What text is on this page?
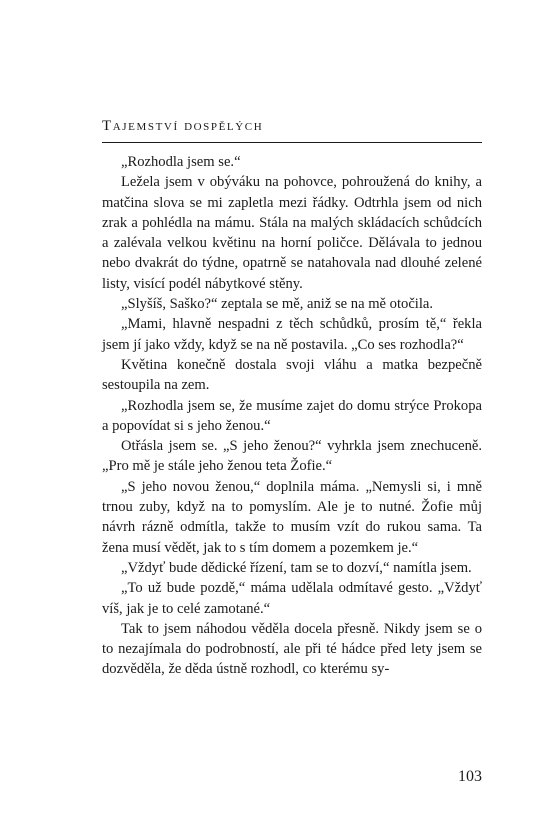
Tajemství dospělých

„Rozhodla jsem se.“

Ležela jsem v obýváku na pohovce, pohroužená do knihy, a matčina slova se mi zapletla mezi řádky. Odtrhla jsem od nich zrak a pohlédla na mámu. Stála na malých skládacích schůdcích a zalévala velkou květinu na horní poličce. Dělávala to jednou nebo dvakrát do týdne, opatrně se natahovala nad dlouhé zelené listy, visící podél nábytkové stěny.

„Slyšíš, Saško?“ zeptala se mě, aniž se na mě otočila.

„Mami, hlavně nespadni z těch schůdků, prosím tě,“ řekla jsem jí jako vždy, když se na ně postavila. „Co ses rozhodla?“

Květina konečně dostala svoji vláhu a matka bezpečně sestoupila na zem.

„Rozhodla jsem se, že musíme zajet do domu strýce Prokopa a popovídat si s jeho ženou.“

Otřásla jsem se. „S jeho ženou?“ vyhrkla jsem znechuceně. „Pro mě je stále jeho ženou teta Žofie.“

„S jeho novou ženou,“ doplnila máma. „Nemysli si, i mně trnou zuby, když na to pomyslím. Ale je to nutné. Žofie můj návrh rázně odmítla, takže to musím vzít do rukou sama. Ta žena musí vědět, jak to s tím domem a pozemkem je.“

„Vždyť bude dědické řízení, tam se to dozví,“ namítla jsem.

„To už bude pozdě,“ máma udělala odmítavé gesto. „Vždyť víš, jak je to celé zamotané.“

Tak to jsem náhodou věděla docela přesně. Nikdy jsem se o to nezajímala do podrobností, ale při té hádce před lety jsem se dozvěděla, že děda ústně rozhodl, co kterému sy-

103
